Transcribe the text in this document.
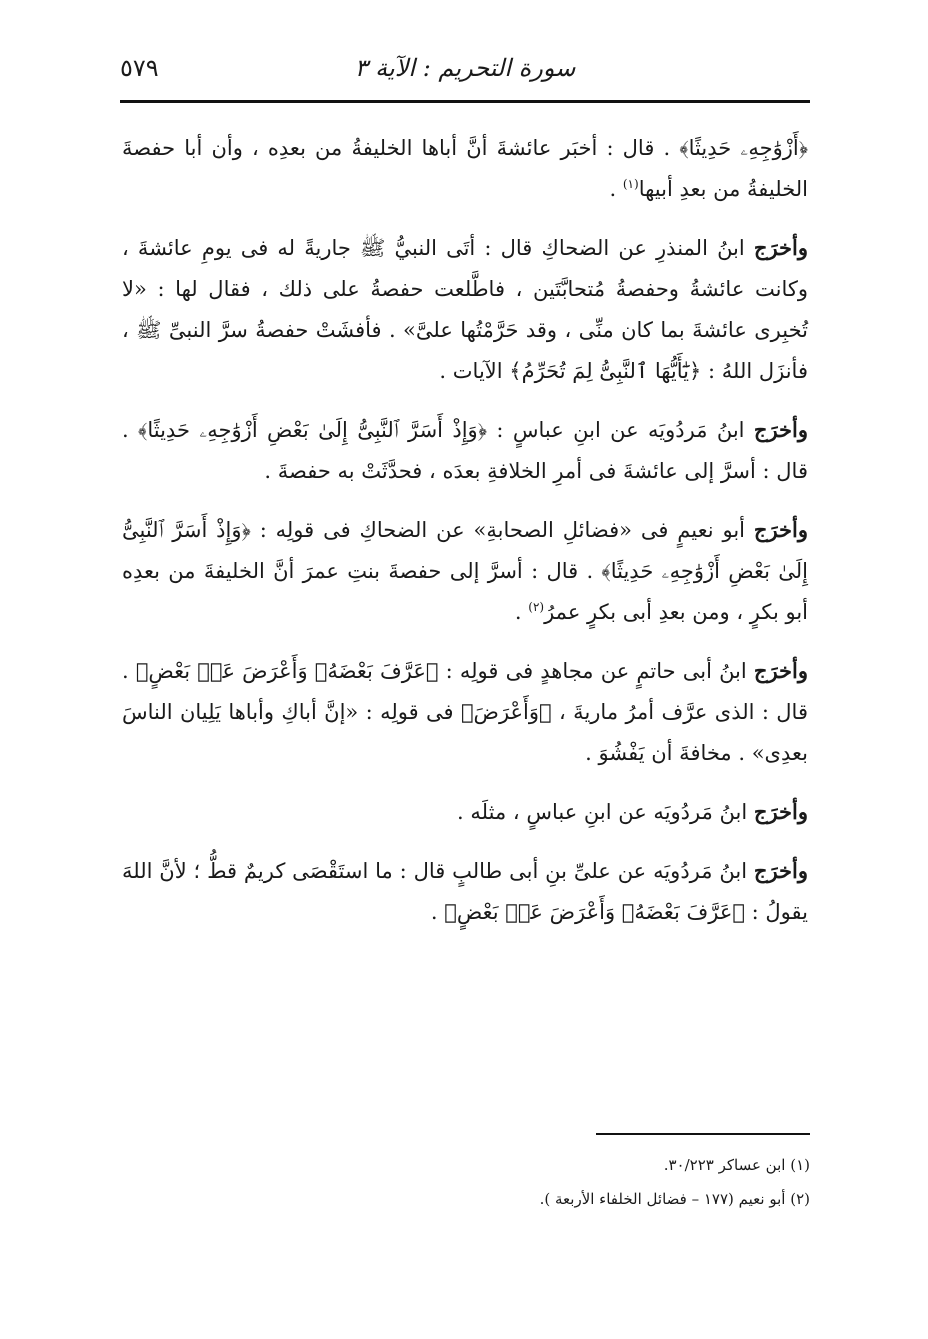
سورة التحريم : الآية ٣
٥٧٩

﴿أَزْوَٰجِهِۦ حَدِيثًا﴾ . قال : أخبَر عائشةَ أنَّ أباها الخليفةُ من بعدِه ، وأن أبا حفصةَ الخليفةُ من بعدِ أبيها$^{(١)}$ .

وأخرَج ابنُ المنذرِ عن الضحاكِ قال : أتَى النبيُّ ﷺ جاريةً له فى يومِ عائشةَ ، وكانت عائشةُ وحفصةُ مُتحابَّتَين ، فاطَّلعت حفصةُ على ذلك ، فقال لها : «لا تُخبِرى عائشةَ بما كان منِّى ، وقد حَرَّمْتُها علىَّ» . فأفشَتْ حفصةُ سرَّ النبىِّ ﷺ ، فأنزَل اللهُ : ﴿يَٰٓأَيُّهَا ٱلنَّبِىُّ لِمَ تُحَرِّمُ﴾ الآيات .

وأخرَج ابنُ مَردُويَه عن ابنِ عباسٍ : ﴿وَإِذْ أَسَرَّ ٱلنَّبِىُّ إِلَىٰ بَعْضِ أَزْوَٰجِهِۦ حَدِيثًا﴾ . قال : أسرَّ إلى عائشةَ فى أمرِ الخلافةِ بعدَه ، فحدَّثَتْ به حفصةَ .

وأخرَج أبو نعيمٍ فى «فضائلِ الصحابةِ» عن الضحاكِ فى قولِه : ﴿وَإِذْ أَسَرَّ ٱلنَّبِىُّ إِلَىٰ بَعْضِ أَزْوَٰجِهِۦ حَدِيثًا﴾ . قال : أسرَّ إلى حفصةَ بنتِ عمرَ أنَّ الخليفةَ من بعدِه أبو بكرٍ ، ومن بعدِ أبى بكرٍ عمرُ$^{(٢)}$ .

وأخرَج ابنُ أبى حاتمٍ عن مجاهدٍ فى قولِه : ﴿عَرَّفَ بَعْضَهُۥ وَأَعْرَضَ عَنۢ بَعْضٍ﴾ . قال : الذى عرَّف أمرُ ماريةَ ، ﴿وَأَعْرَضَ﴾ فى قولِه : «إنَّ أباكِ وأباها يَلِيان الناسَ بعدِى» . مخافةَ أن يَفْشُوَ .

وأخرَج ابنُ مَردُويَه عن ابنِ عباسٍ ، مثلَه .

وأخرَج ابنُ مَردُويَه عن علىِّ بنِ أبى طالبٍ قال : ما استَقْصَى كريمٌ قطُّ ؛ لأنَّ اللهَ يقولُ : ﴿عَرَّفَ بَعْضَهُۥ وَأَعْرَضَ عَنۢ بَعْضٍ﴾ .

(١) ابن عساكر ٣٠/٢٢٣.

(٢) أبو نعيم (١٧٧ – فضائل الخلفاء الأربعة ).
